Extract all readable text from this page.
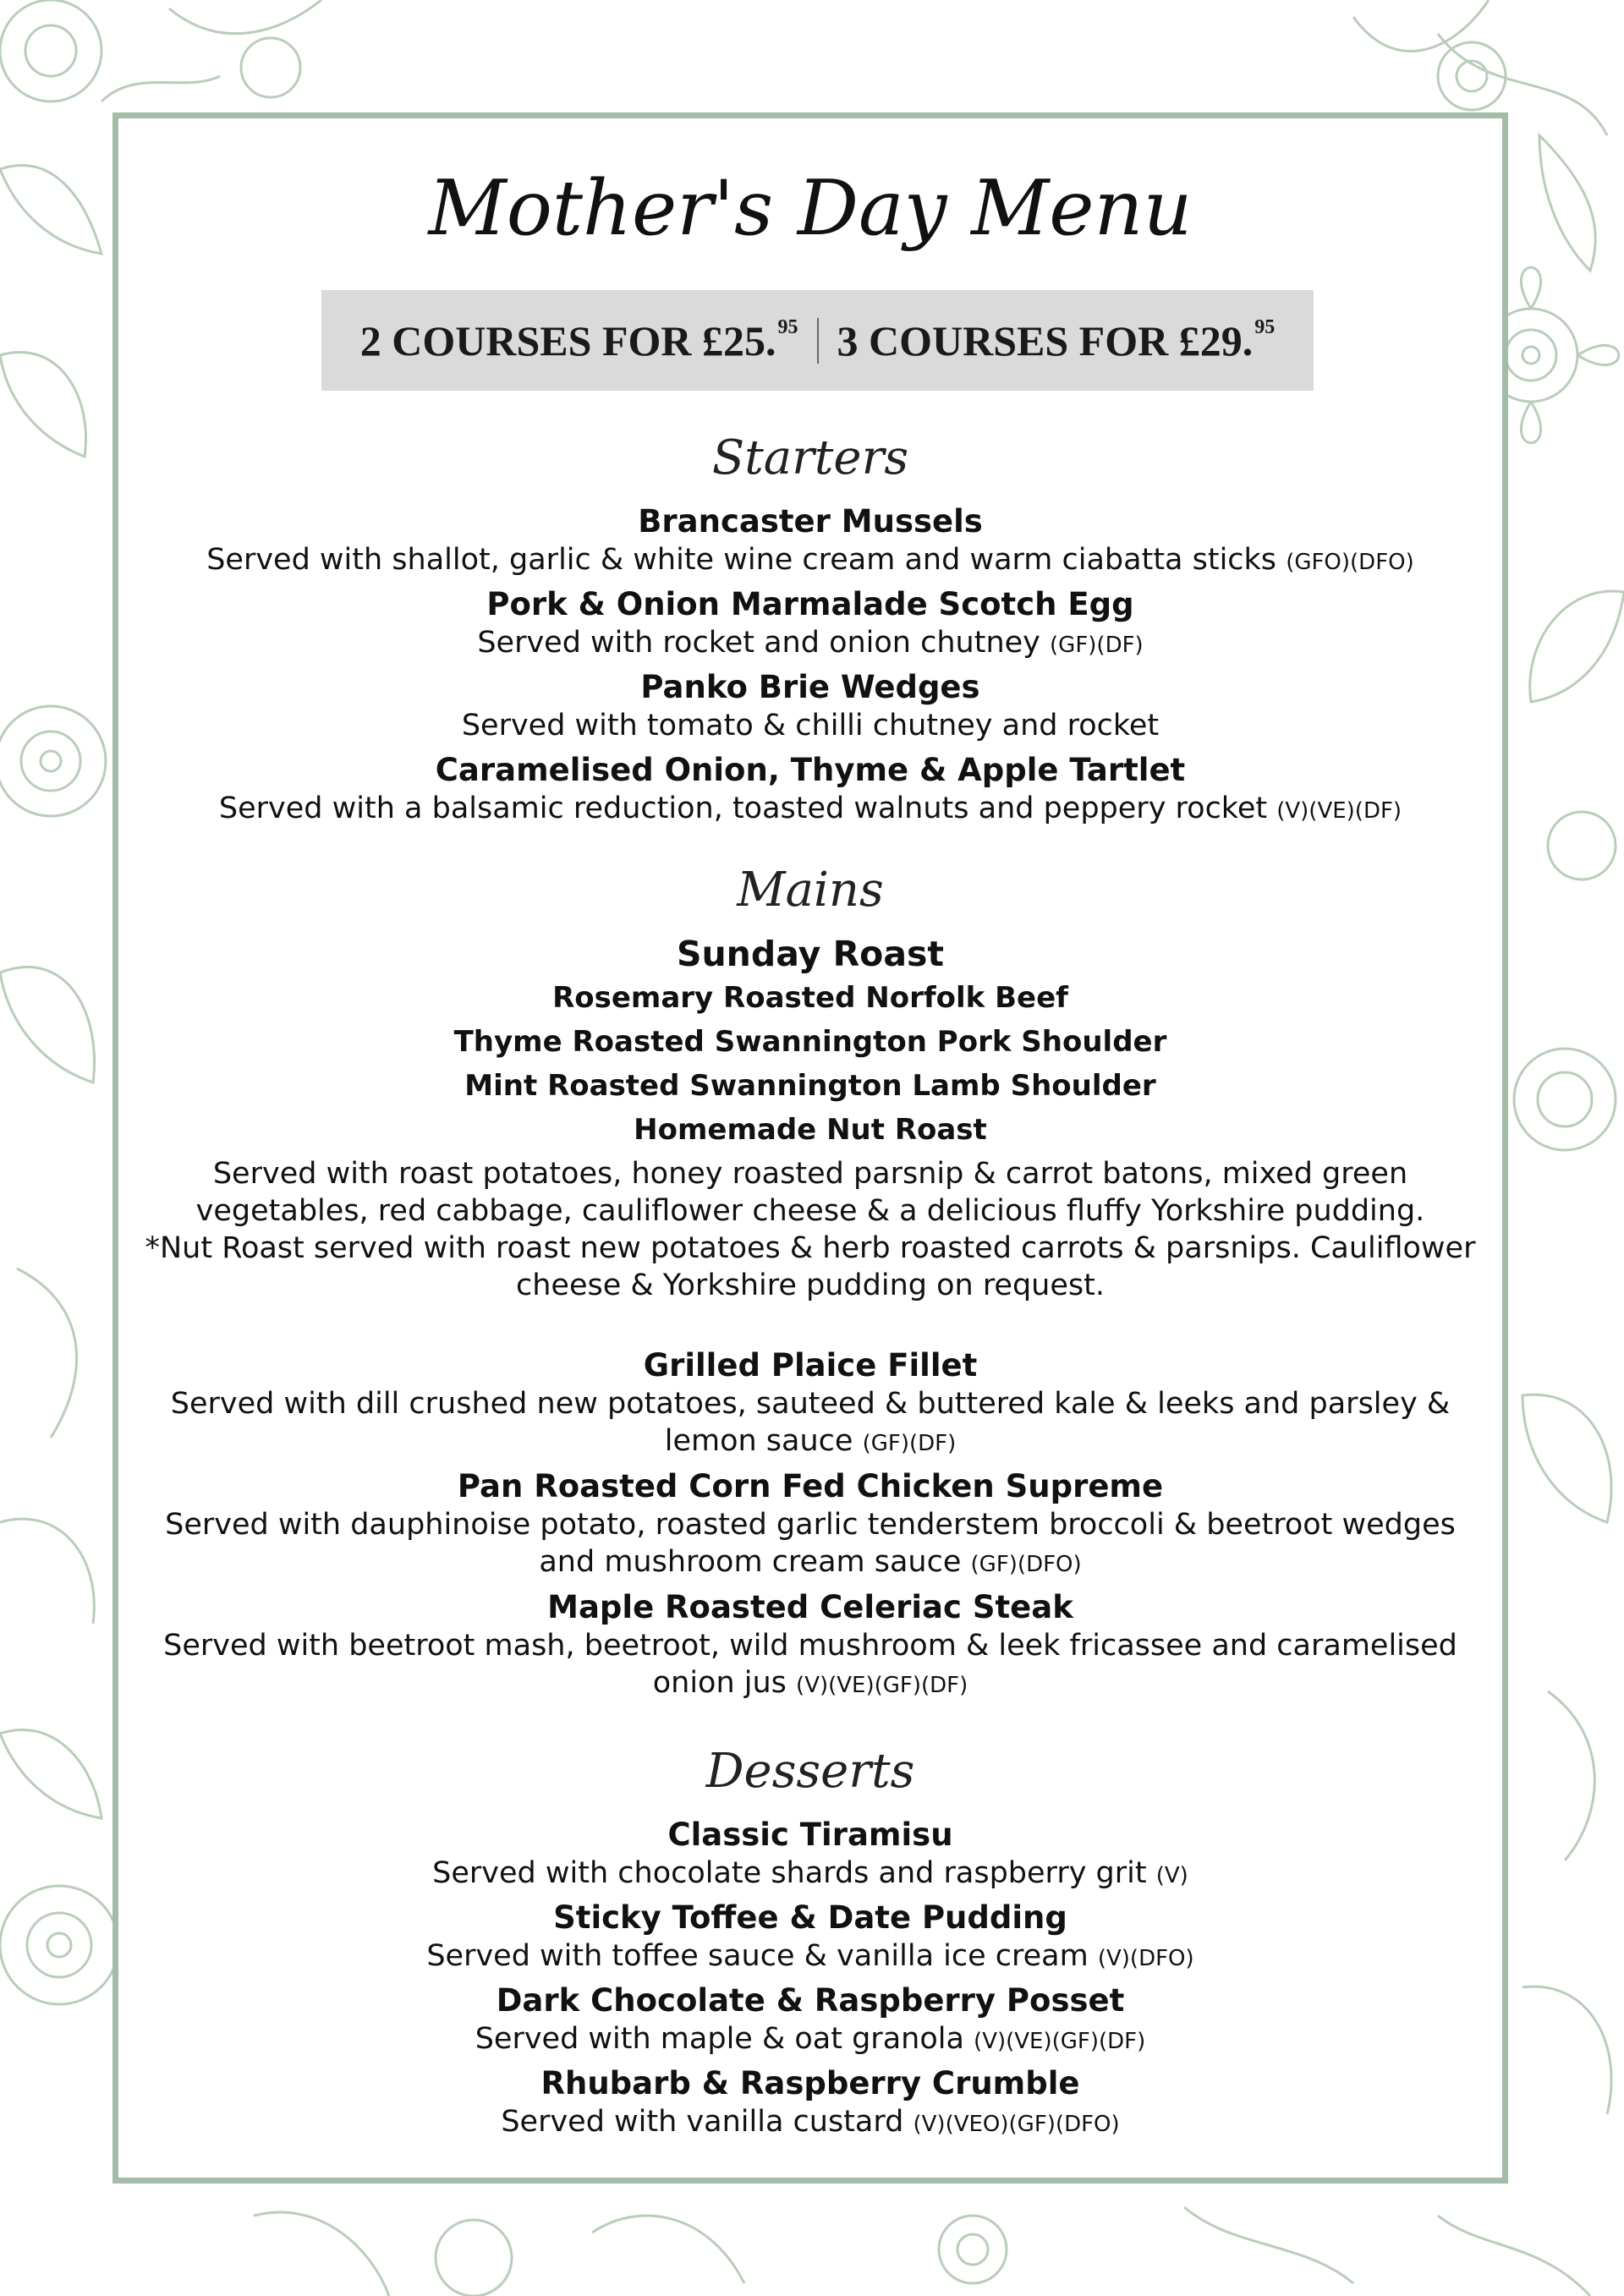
Mother's Day Menu
2 COURSES FOR £25.95 3 COURSES FOR £29.95
Starters
Brancaster Mussels
Served with shallot, garlic & white wine cream and warm ciabatta sticks (GFO)(DFO)
Pork & Onion Marmalade Scotch Egg
Served with rocket and onion chutney (GF)(DF)
Panko Brie Wedges
Served with tomato & chilli chutney and rocket
Caramelised Onion, Thyme & Apple Tartlet
Served with a balsamic reduction, toasted walnuts and peppery rocket (V)(VE)(DF)
Mains
Sunday Roast
Rosemary Roasted Norfolk Beef
Thyme Roasted Swannington Pork Shoulder
Mint Roasted Swannington Lamb Shoulder
Homemade Nut Roast
Served with roast potatoes, honey roasted parsnip & carrot batons, mixed green vegetables, red cabbage, cauliflower cheese & a delicious fluffy Yorkshire pudding.
*Nut Roast served with roast new potatoes & herb roasted carrots & parsnips. Cauliflower cheese & Yorkshire pudding on request.
Grilled Plaice Fillet
Served with dill crushed new potatoes, sauteed & buttered kale & leeks and parsley & lemon sauce (GF)(DF)
Pan Roasted Corn Fed Chicken Supreme
Served with dauphinoise potato, roasted garlic tenderstem broccoli & beetroot wedges and mushroom cream sauce (GF)(DFO)
Maple Roasted Celeriac Steak
Served with beetroot mash, beetroot, wild mushroom & leek fricassee and caramelised onion jus (V)(VE)(GF)(DF)
Desserts
Classic Tiramisu
Served with chocolate shards and raspberry grit (V)
Sticky Toffee & Date Pudding
Served with toffee sauce & vanilla ice cream (V)(DFO)
Dark Chocolate & Raspberry Posset
Served with maple & oat granola (V)(VE)(GF)(DF)
Rhubarb & Raspberry Crumble
Served with vanilla custard (V)(VEO)(GF)(DFO)
